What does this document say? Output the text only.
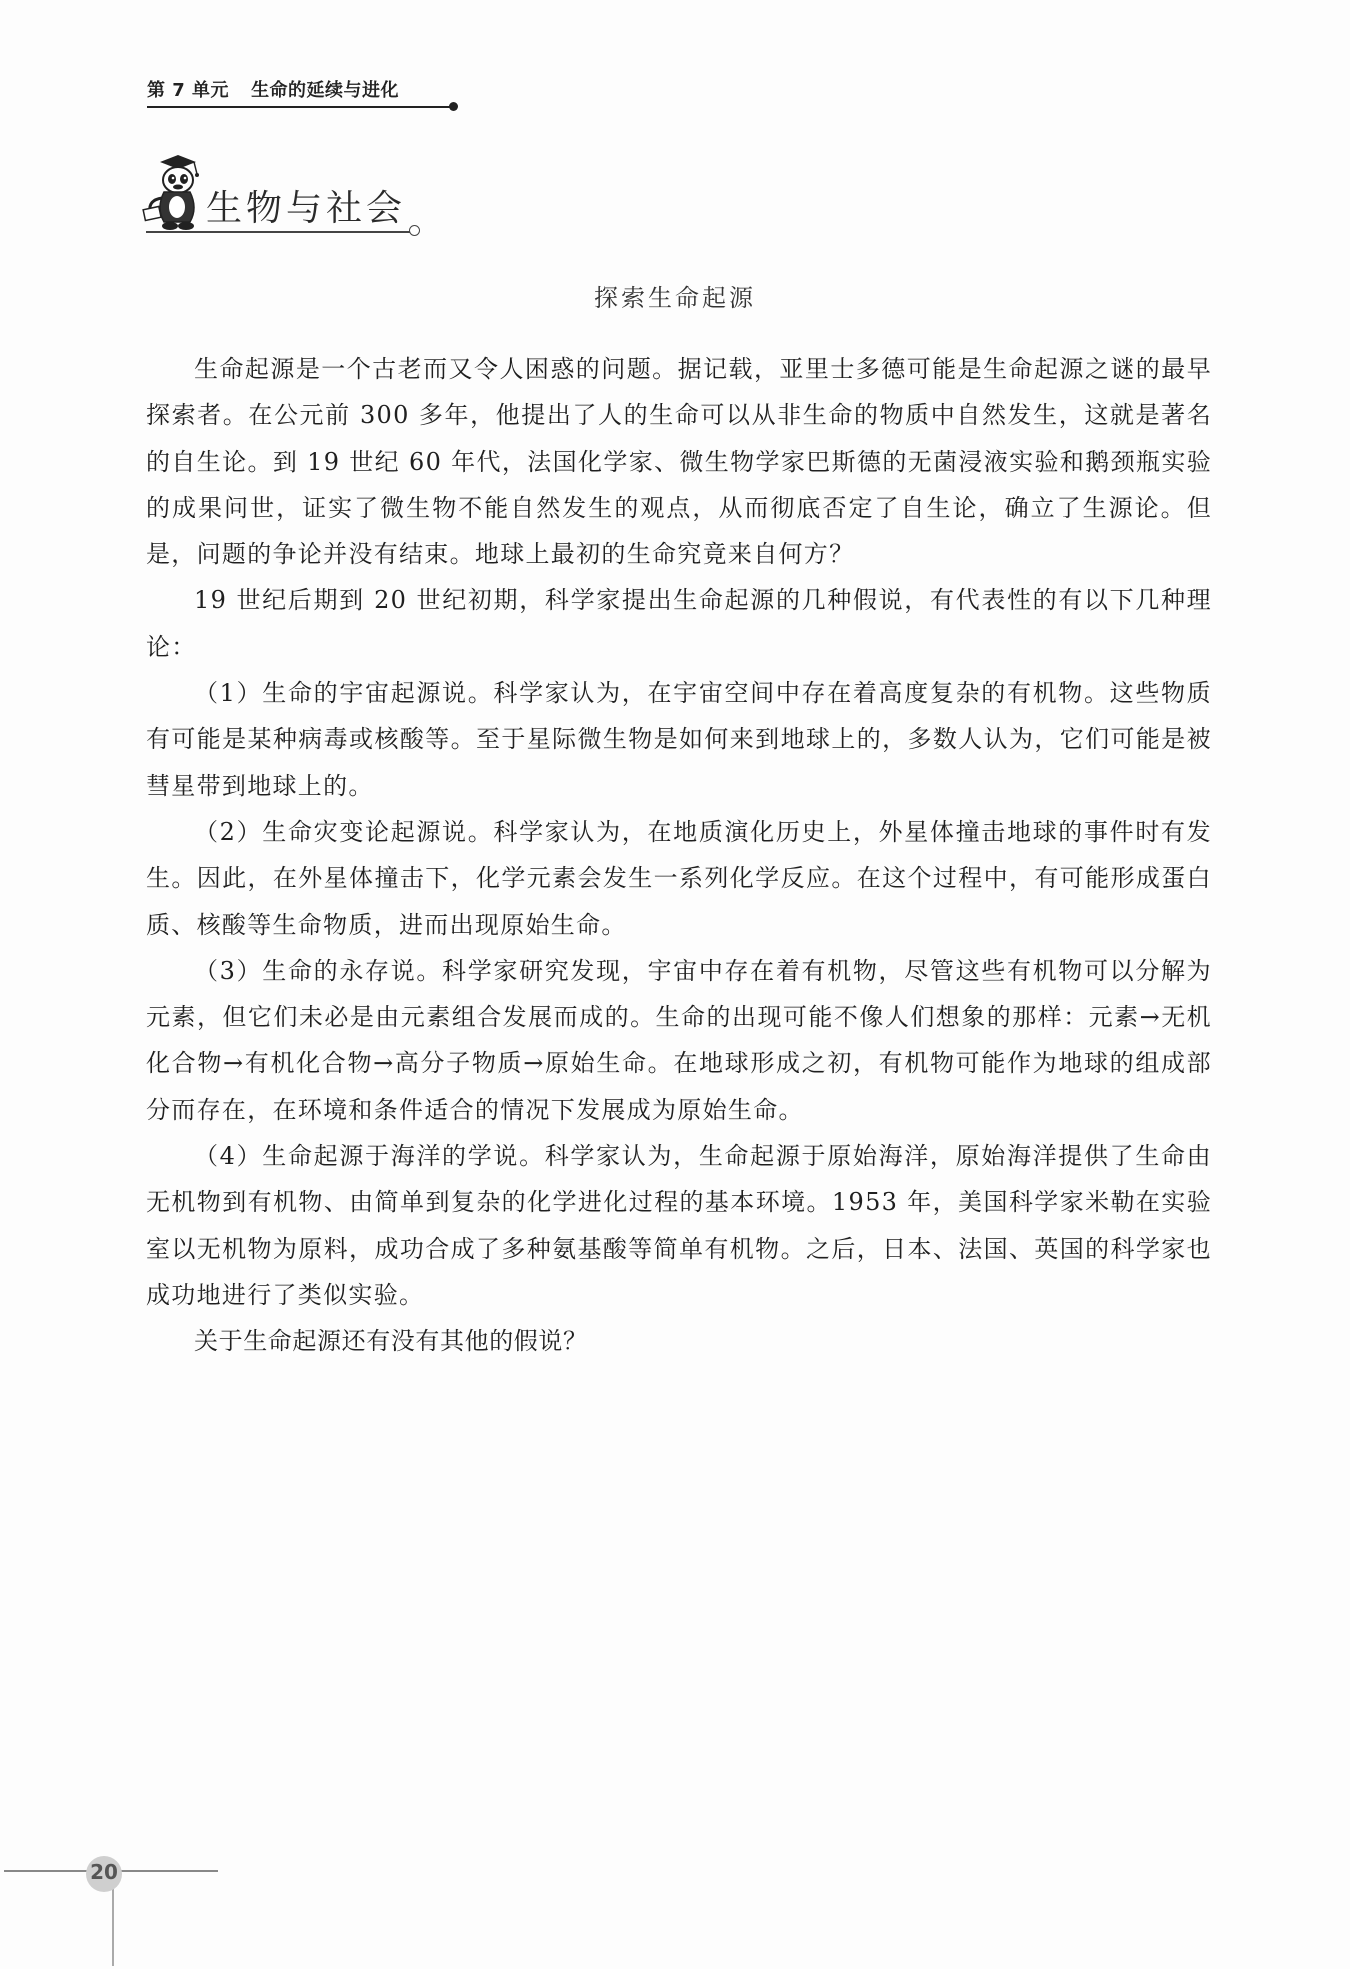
第 7 单元 生命的延续与进化
生物与社会
探索生命起源

生命起源是一个古老而又令人困惑的问题。据记载，亚里士多德可能是生命起源之谜的最早探索者。在公元前 300 多年，他提出了人的生命可以从非生命的物质中自然发生，这就是著名的自生论。到 19 世纪 60 年代，法国化学家、微生物学家巴斯德的无菌浸液实验和鹅颈瓶实验的成果问世，证实了微生物不能自然发生的观点，从而彻底否定了自生论，确立了生源论。但是，问题的争论并没有结束。地球上最初的生命究竟来自何方？

19 世纪后期到 20 世纪初期，科学家提出生命起源的几种假说，有代表性的有以下几种理论：

（1）生命的宇宙起源说。科学家认为，在宇宙空间中存在着高度复杂的有机物。这些物质有可能是某种病毒或核酸等。至于星际微生物是如何来到地球上的，多数人认为，它们可能是被彗星带到地球上的。

（2）生命灾变论起源说。科学家认为，在地质演化历史上，外星体撞击地球的事件时有发生。因此，在外星体撞击下，化学元素会发生一系列化学反应。在这个过程中，有可能形成蛋白质、核酸等生命物质，进而出现原始生命。

（3）生命的永存说。科学家研究发现，宇宙中存在着有机物，尽管这些有机物可以分解为元素，但它们未必是由元素组合发展而成的。生命的出现可能不像人们想象的那样：元素→无机化合物→有机化合物→高分子物质→原始生命。在地球形成之初，有机物可能作为地球的组成部分而存在，在环境和条件适合的情况下发展成为原始生命。

（4）生命起源于海洋的学说。科学家认为，生命起源于原始海洋，原始海洋提供了生命由无机物到有机物、由简单到复杂的化学进化过程的基本环境。1953 年，美国科学家米勒在实验室以无机物为原料，成功合成了多种氨基酸等简单有机物。之后，日本、法国、英国的科学家也成功地进行了类似实验。

关于生命起源还有没有其他的假说？

20
